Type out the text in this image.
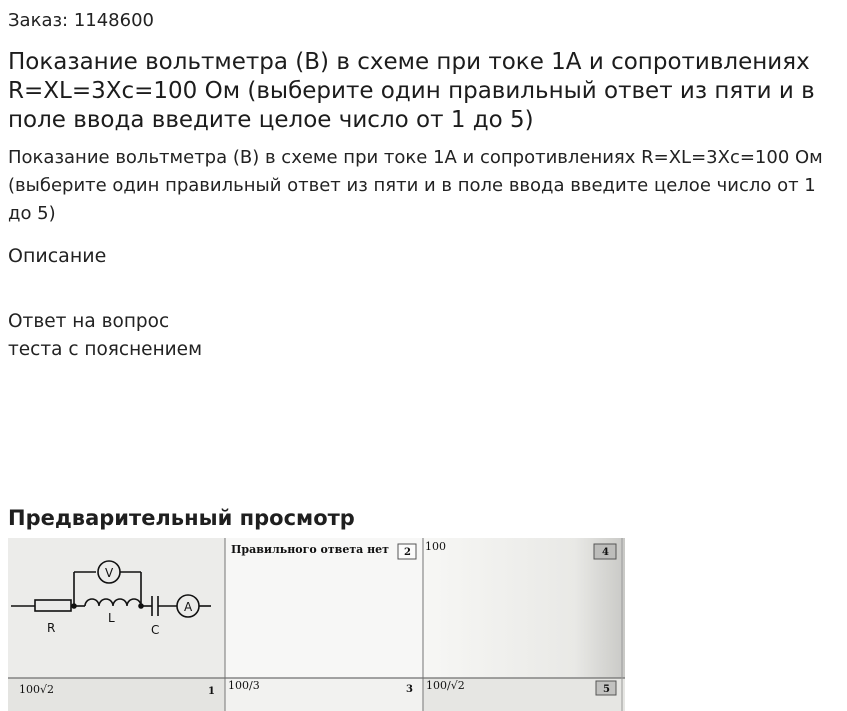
Заказ: 1148600
Показание вольтметра (В) в схеме при токе 1А и сопротивлениях R=XL=3Xc=100 Ом (выберите один правильный ответ из пяти и в поле ввода введите целое число от 1 до 5)
Показание вольтметра (В) в схеме при токе 1А и сопротивлениях R=XL=3Xc=100 Ом (выберите один правильный ответ из пяти и в поле ввода введите целое число от 1 до 5)
Описание
Ответ на вопрос
теста с пояснением
Предварительный просмотр
V
A
R
L
C
Правильного ответа нет 2 100	4
100√2	1 100/3	3 100/√2	5
